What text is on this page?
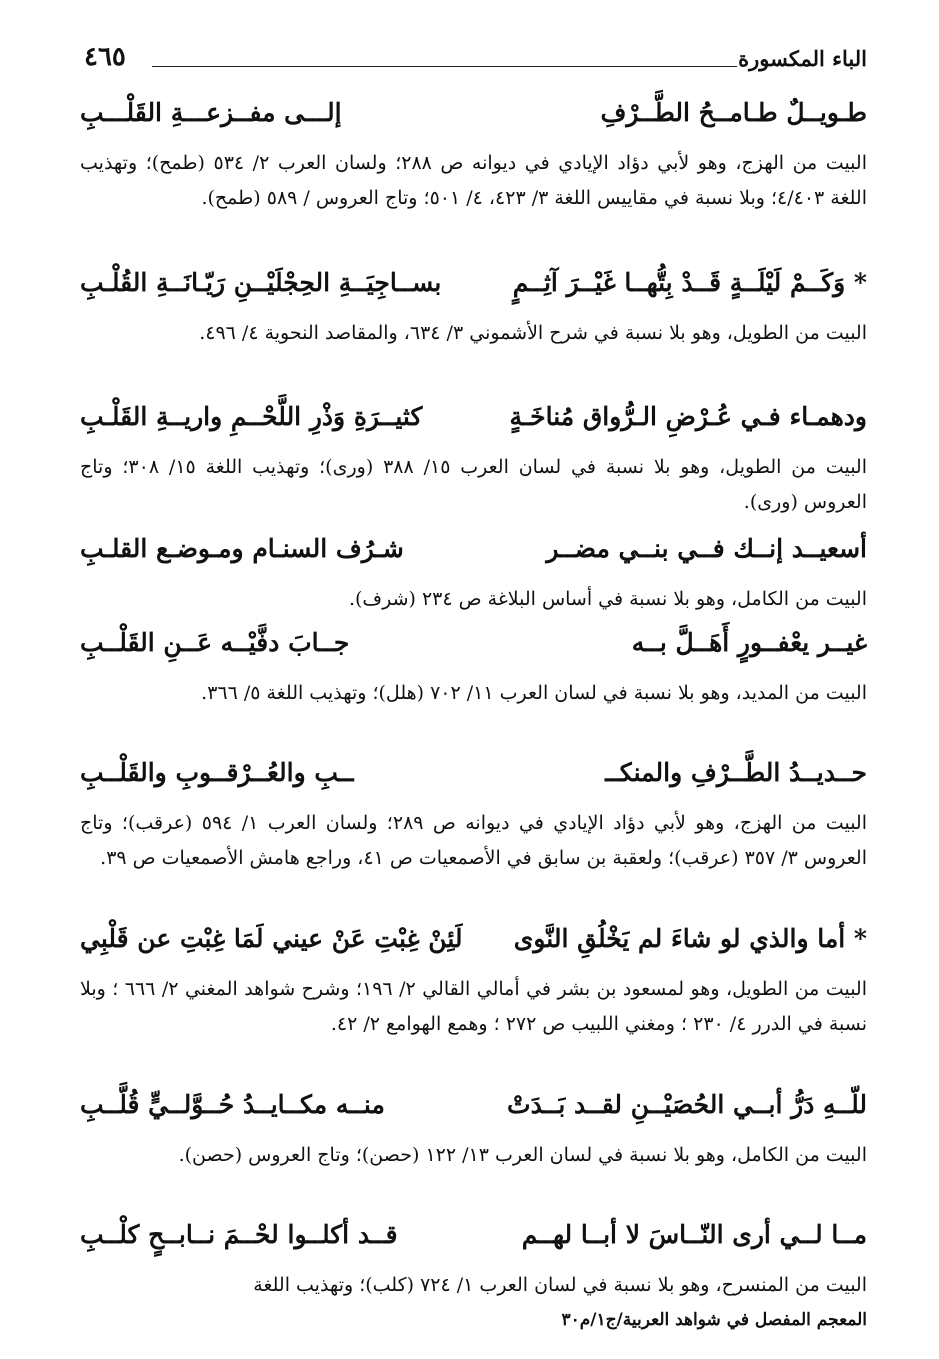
الباء المكسورة
٤٦٥
طـويــلٌ طـامــحُ الطَّــرْفِ
إلـــى مفــزعـــةِ القَلْـــبِ
البيت من الهزج، وهو لأبي دؤاد الإيادي في ديوانه ص ٢٨٨؛ ولسان العرب ٢/ ٥٣٤ (طمح)؛ وتهذيب اللغة ٤/٤٠٣؛ وبلا نسبة في مقاييس اللغة ٣/ ٤٢٣، ٤/ ٥٠١؛ وتاج العروس / ٥٨٩ (طمح).
* وَكَــمْ لَيْلَــةٍ قَــدْ بِتُّهــا غَيْــرَ آثِــمٍ
بســاجِيَــةِ الحِجْلَيْــنِ رَيّـانَــةِ القُلْـبِ
البيت من الطويل، وهو بلا نسبة في شرح الأشموني ٣/ ٦٣٤، والمقاصد النحوية ٤/ ٤٩٦.
ودهمـاء فـي عُـرْضِ الـرُّواق مُناخَـةٍ
كثيــرَةِ وَذْرِ اللَّحْــمِ واريــةِ القَلْـبِ
البيت من الطويل، وهو بلا نسبة في لسان العرب ١٥/ ٣٨٨ (ورى)؛ وتهذيب اللغة ١٥/ ٣٠٨؛ وتاج العروس (ورى).
أسعيــد إنــك فــي بنــي مضــر
شـرُف السنـام ومـوضـع القلـبِ
البيت من الكامل، وهو بلا نسبة في أساس البلاغة ص ٢٣٤ (شرف).
غيــر يعْفــورٍ أَهَــلَّ بــه
جــابَ دفَّيْــه عَــنِ القَلْــبِ
البيت من المديد، وهو بلا نسبة في لسان العرب ١١/ ٧٠٢ (هلل)؛ وتهذيب اللغة ٥/ ٣٦٦.
حــديــدُ الطَّــرْفِ والمنكــ
ــبِ والعُــرْقــوبِ والقَلْــبِ
البيت من الهزج، وهو لأبي دؤاد الإيادي في ديوانه ص ٢٨٩؛ ولسان العرب ١/ ٥٩٤ (عرقب)؛ وتاج العروس ٣/ ٣٥٧ (عرقب)؛ ولعقبة بن سابق في الأصمعيات ص ٤١، وراجع هامش الأصمعيات ص ٣٩.
* أما والذي لو شاءَ لم يَخْلُقِ النَّوى
لَئِنْ غِبْتِ عَنْ عيني لَمَا غِبْتِ عن قَلْبِي
البيت من الطويل، وهو لمسعود بن بشر في أمالي القالي ٢/ ١٩٦؛ وشرح شواهد المغني ٢/ ٦٦٦ ؛ وبلا نسبة في الدرر ٤/ ٢٣٠ ؛ ومغني اللبيب ص ٢٧٢ ؛ وهمع الهوامع ٢/ ٤٢.
للّــهِ دَرُّ أبــي الحُصَيْــنِ لقــد بَــدَتْ
منــه مكــايــدُ حُــوَّلــيٍّ قُلَّــبِ
البيت من الكامل، وهو بلا نسبة في لسان العرب ١٣/ ١٢٢ (حصن)؛ وتاج العروس (حصن).
مــا لــي أرى النّــاسَ لا أبــا لهــم
قــد أكلــوا لحْــمَ نــابــحٍ كلْــبِ
البيت من المنسرح، وهو بلا نسبة في لسان العرب ١/ ٧٢٤ (كلب)؛ وتهذيب اللغة
المعجم المفصل في شواهد العربية/ج١/م٣٠
